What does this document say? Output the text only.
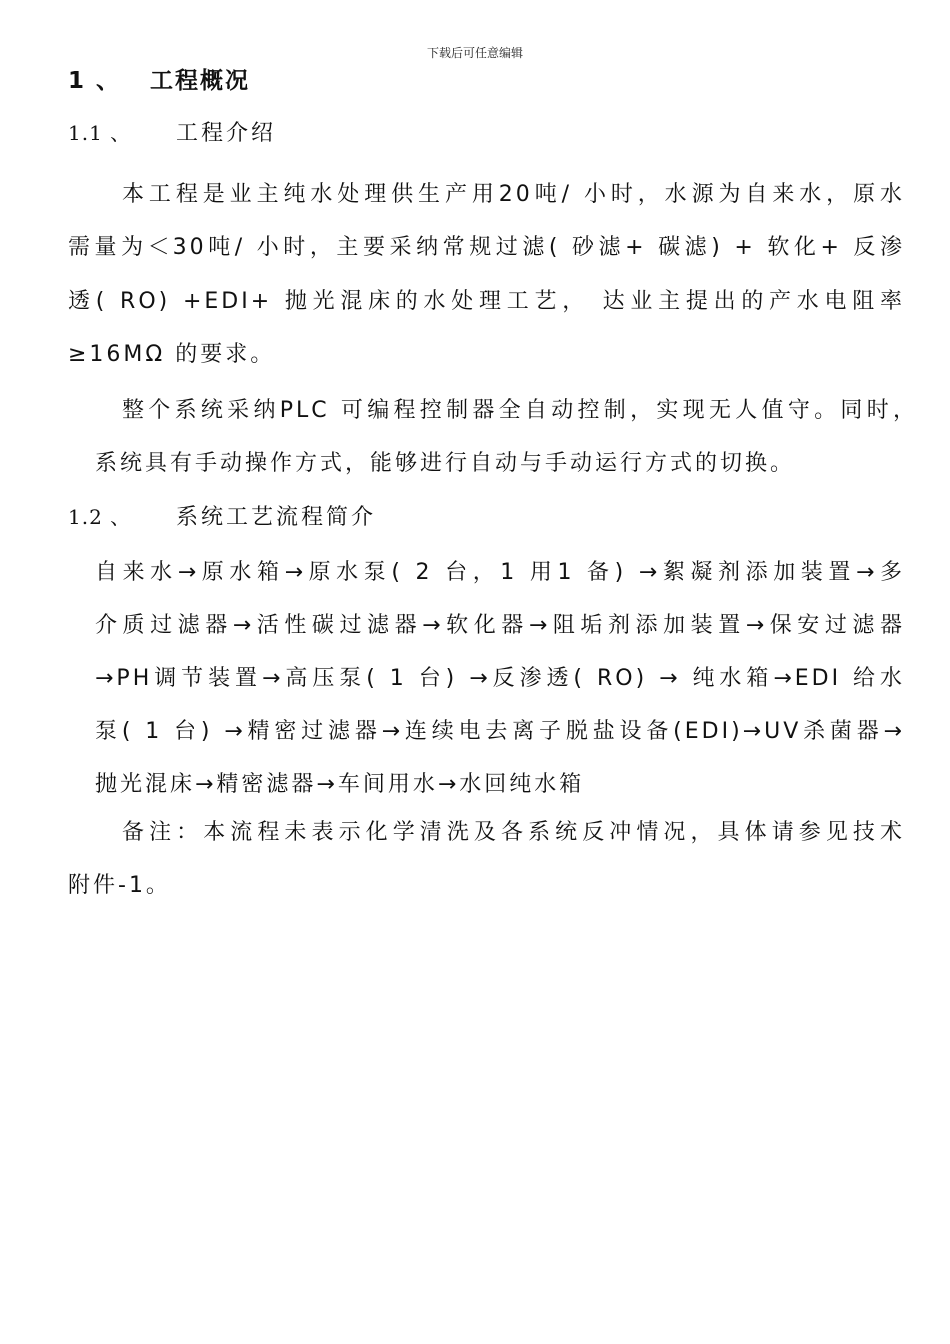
下载后可任意编辑
1 、 工程概况
1.1 、 工程介绍
本工程是业主纯水处理供生产用20吨/ 小时，水源为自来水，原水
需量为＜30吨/ 小时，主要采纳常规过滤( 砂滤+ 碳滤) + 软化+ 反渗
透( RO) +EDI+ 抛光混床的水处理工艺， 达业主提出的产水电阻率
≥16MΩ 的要求。
整个系统采纳PLC 可编程控制器全自动控制，实现无人值守。同时，
系统具有手动操作方式，能够进行自动与手动运行方式的切换。
1.2 、 系统工艺流程简介
自来水→原水箱→原水泵( 2 台，1 用1 备) →絮凝剂添加装置→多
介质过滤器→活性碳过滤器→软化器→阻垢剂添加装置→保安过滤器
→PH调节装置→高压泵( 1 台) →反渗透( RO) → 纯水箱→EDI 给水
泵( 1 台) →精密过滤器→连续电去离子脱盐设备(EDI)→UV杀菌器→
抛光混床→精密滤器→车间用水→水回纯水箱
备注：本流程未表示化学清洗及各系统反冲情况，具体请参见技术
附件-1。
